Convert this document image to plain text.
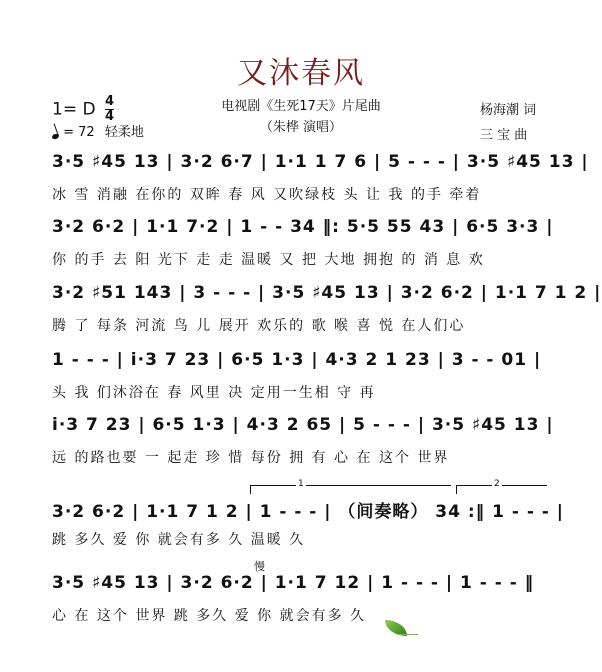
又沐春风
1= D $\frac{4}{4}$
= 72 轻柔地
电视剧《生死17天》片尾曲
（朱桦 演唱）
杨海潮 词
三 宝 曲
3·5 ♯45 13 | 3·2 6·7 | 1·1 1 7 6 | 5 - - - | 3·5 ♯45 13 |
冰 雪 消融 在你的 双眸 春 风 又吹绿枝 头 让 我 的手 牵着
3·2 6·2 | 1·1 7·2 | 1 - - 34 ‖: 5·5 55 43 | 6·5 3·3 |
你 的手 去 阳 光下 走 走 温暖 又 把 大地 拥抱 的 消 息 欢
3·2 ♯51 143 | 3 - - - | 3·5 ♯45 13 | 3·2 6·2 | 1·1 7 1 2 |
腾 了 每条 河流 鸟 儿 展开 欢乐的 歌 喉 喜 悦 在人们心
1 - - - | i·3 7 23 | 6·5 1·3 | 4·3 2 1 23 | 3 - - 01 |
头 我 们沐浴在 春 风里 决 定用一生相 守 再
i·3 7 23 | 6·5 1·3 | 4·3 2 65 | 5 - - - | 3·5 ♯45 13 |
远 的路也要 一 起走 珍 惜 每份 拥 有 心 在 这个 世界
1	2
3·2 6·2 | 1·1 7 1 2 | 1 - - - | （间奏略） 34 :‖ 1 - - - |
跳 多久 爱 你 就会有多 久 温暖 久
慢
3·5 ♯45 13 | 3·2 6·2 | 1·1 7 12 | 1 - - - | 1 - - - ‖
心 在 这个 世界 跳 多久 爱 你 就会有多 久
